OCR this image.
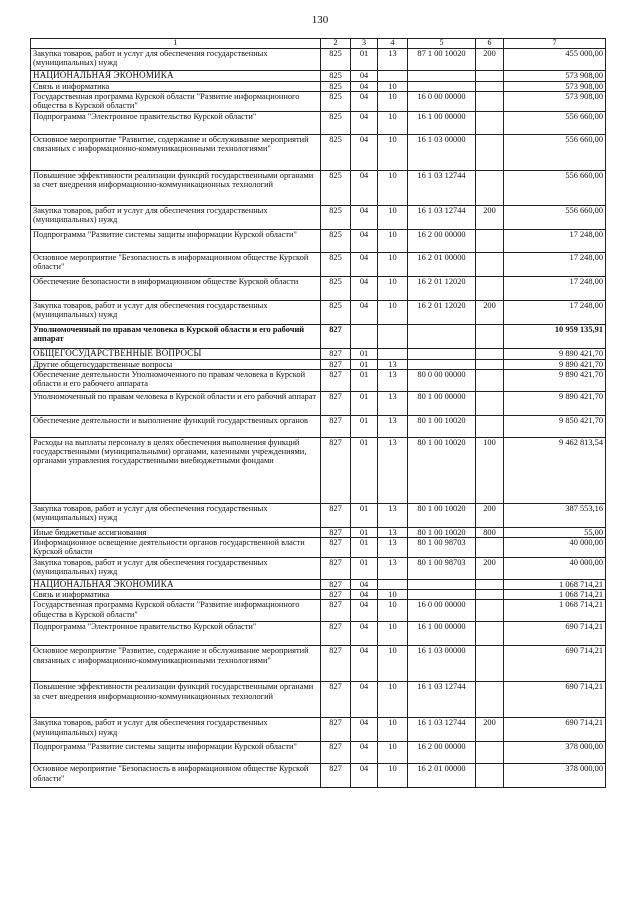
130
1	2	3	4	5	6	7
Закупка товаров, работ и услуг для обеспечения государственных (муниципальных) нужд	825	01	13	87 1 00 10020	200	455 000,00
НАЦИОНАЛЬНАЯ ЭКОНОМИКА	825	04				573 908,00
Связь и информатика	825	04	10			573 908,00
Государственная программа Курской области "Развитие информационного общества в Курской области"	825	04	10	16 0 00 00000		573 908,00
Подпрограмма "Электронное правительство Курской области"	825	04	10	16 1 00 00000		556 660,00
Основное мероприятие "Развитие, содержание и обслуживание мероприятий связанных с информационно-коммуникационными технологиями"	825	04	10	16 1 03 00000		556 660,00
Повышение эффективности реализации функций государственными органами за счет внедрения информационно-коммуникационных технологий	825	04	10	16 1 03 12744		556 660,00
Закупка товаров, работ и услуг для обеспечения государственных (муниципальных) нужд	825	04	10	16 1 03 12744	200	556 660,00
Подпрограмма "Развитие системы защиты информации Курской области"	825	04	10	16 2 00 00000		17 248,00
Основное мероприятие "Безопасность в информационном обществе Курской области"	825	04	10	16 2 01 00000		17 248,00
Обеспечение безопасности в информационном обществе Курской области	825	04	10	16 2 01 12020		17 248,00
Закупка товаров, работ и услуг для обеспечения государственных (муниципальных) нужд	825	04	10	16 2 01 12020	200	17 248,00
Уполномоченный по правам человека в Курской области и его рабочий аппарат	827					10 959 135,91
ОБЩЕГОСУДАРСТВЕННЫЕ ВОПРОСЫ	827	01				9 890 421,70
Другие общегосударственные вопросы	827	01	13			9 890 421,70
Обеспечение деятельности Уполномоченного по правам человека в Курской области и его рабочего аппарата	827	01	13	80 0 00 00000		9 890 421,70
Уполномоченный по правам человека в Курской области и его рабочий аппарат	827	01	13	80 1 00 00000		9 890 421,70
Обеспечение деятельности и выполнение функций государственных органов	827	01	13	80 1 00 10020		9 850 421,70
Расходы на выплаты персоналу в целях обеспечения выполнения функций государственными (муниципальными) органами, казенными учреждениями, органами управления государственными внебюджетными фондами	827	01	13	80 1 00 10020	100	9 462 813,54
Закупка товаров, работ и услуг для обеспечения государственных (муниципальных) нужд	827	01	13	80 1 00 10020	200	387 553,16
Иные бюджетные ассигнования	827	01	13	80 1 00 10020	800	55,00
Информационное освещение деятельности органов государственной власти Курской области	827	01	13	80 1 00 98703		40 000,00
Закупка товаров, работ и услуг для обеспечения государственных (муниципальных) нужд	827	01	13	80 1 00 98703	200	40 000,00
НАЦИОНАЛЬНАЯ ЭКОНОМИКА	827	04				1 068 714,21
Связь и информатика	827	04	10			1 068 714,21
Государственная программа Курской области "Развитие информационного общества в Курской области"	827	04	10	16 0 00 00000		1 068 714,21
Подпрограмма "Электронное правительство Курской области"	827	04	10	16 1 00 00000		690 714,21
Основное мероприятие "Развитие, содержание и обслуживание мероприятий связанных с информационно-коммуникационными технологиями"	827	04	10	16 1 03 00000		690 714,21
Повышение эффективности реализации функций государственными органами за счет внедрения информационно-коммуникационных технологий	827	04	10	16 1 03 12744		690 714,21
Закупка товаров, работ и услуг для обеспечения государственных (муниципальных) нужд	827	04	10	16 1 03 12744	200	690 714,21
Подпрограмма "Развитие системы защиты информации Курской области"	827	04	10	16 2 00 00000		378 000,00
Основное мероприятие "Безопасность в информационном обществе Курской области"	827	04	10	16 2 01 00000		378 000,00
